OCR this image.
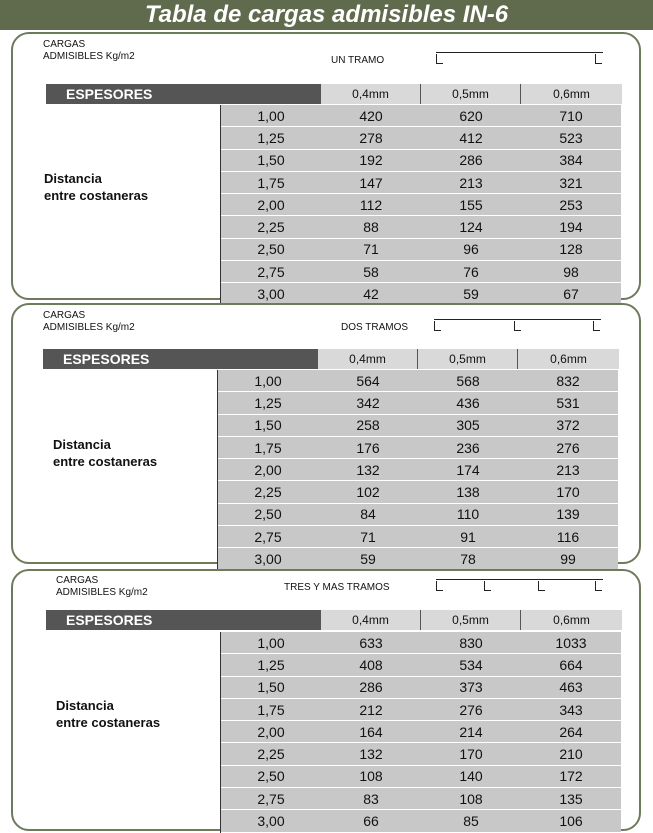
Tabla de cargas admisibles IN-6
CARGAS
ADMISIBLES Kg/m2	UN TRAMO
ESPESORES	0,4mm	0,5mm	0,6mm
Distancia
entre costaneras
1,00	420	620	710
1,25	278	412	523
1,50	192	286	384
1,75	147	213	321
2,00	112	155	253
2,25	88	124	194
2,50	71	96	128
2,75	58	76	98
3,00	42	59	67
CARGAS
ADMISIBLES Kg/m2	DOS TRAMOS
ESPESORES	0,4mm	0,5mm	0,6mm
Distancia
entre costaneras
1,00	564	568	832
1,25	342	436	531
1,50	258	305	372
1,75	176	236	276
2,00	132	174	213
2,25	102	138	170
2,50	84	110	139
2,75	71	91	116
3,00	59	78	99
CARGAS
ADMISIBLES Kg/m2	TRES Y MAS TRAMOS
ESPESORES	0,4mm	0,5mm	0,6mm
Distancia
entre costaneras
1,00	633	830	1033
1,25	408	534	664
1,50	286	373	463
1,75	212	276	343
2,00	164	214	264
2,25	132	170	210
2,50	108	140	172
2,75	83	108	135
3,00	66	85	106
